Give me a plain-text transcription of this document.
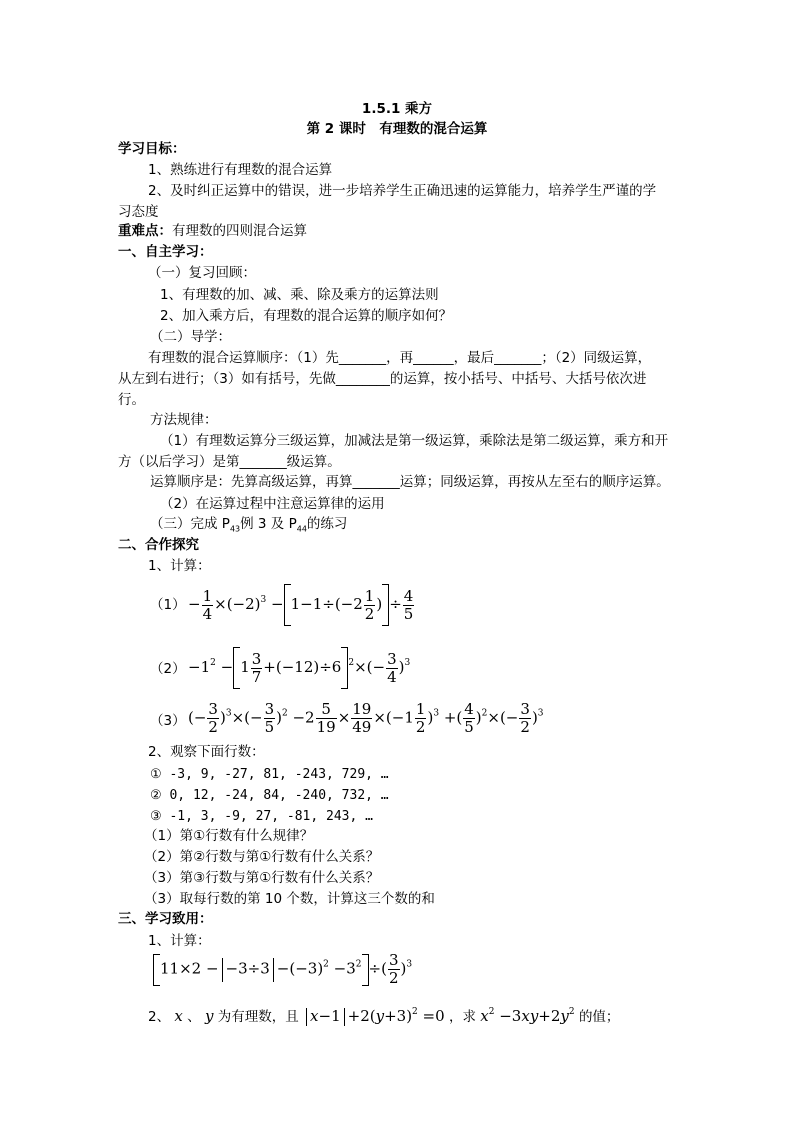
1.5.1 乘方
第 2 课时　有理数的混合运算
学习目标：
1、熟练进行有理数的混合运算
2、及时纠正运算中的错误，进一步培养学生正确迅速的运算能力，培养学生严谨的学
习态度
重难点：有理数的四则混合运算
一、自主学习：
（一）复习回顾：
1、有理数的加、减、乘、除及乘方的运算法则
2、加入乘方后，有理数的混合运算的顺序如何？
（二）导学：
有理数的混合运算顺序：（1）先_______，再______，最后_______；（2）同级运算，
从左到右进行；（3）如有括号，先做________的运算，按小括号、中括号、大括号依次进
行。
方法规律：
（1）有理数运算分三级运算，加减法是第一级运算，乘除法是第二级运算，乘方和开
方（以后学习）是第_______级运算。
运算顺序是：先算高级运算，再算_______运算；同级运算，再按从左至右的顺序运算。
（2）在运算过程中注意运算律的运用
（三）完成 $P_{43}$例 3 及 $P_{44}$的练习
二、合作探究
1、计算：
$(1) - \frac{1}{4} \times(-2)^3 - 1-1\div(-2 \frac{1}{2}$ ) ÷ $\frac{4}{5}$
$(2) -1^2 - 1 \frac{3}{7} +(-12)\div 6$ $^2\times(- \frac{3}{4} )^3$
（3） (− $\frac{3}{2} )^3\times(- \frac{3}{5} )^2 -2 \frac{5}{19} \times \frac{19}{49} \times(-1 \frac{1}{2} )^3$ +( $\frac{4}{5} )^2\times(- \frac{3}{2} )^3$
2、观察下面行数：
① -3, 9, -27, 81, -243, 729, …
② 0, 12, -24, 84, -240, 732, …
③ -1, 3, -9, 27, -81, 243, …
（1）第①行数有什么规律？
（2）第②行数与第①行数有什么关系？
（3）第③行数与第①行数有什么关系？
（3）取每行数的第 10 个数，计算这三个数的和
三、学习致用：
1、计算：
$11\times 2 - -3\div 3 -(-3)^2 -3^2$ ÷( $\frac{3}{2} )^3$
2、 x 、 y 为有理数，且 $x-1 +2(y+3)^2 =0$ ，求 $x^2 -3xy+2y^2$ 的值；
